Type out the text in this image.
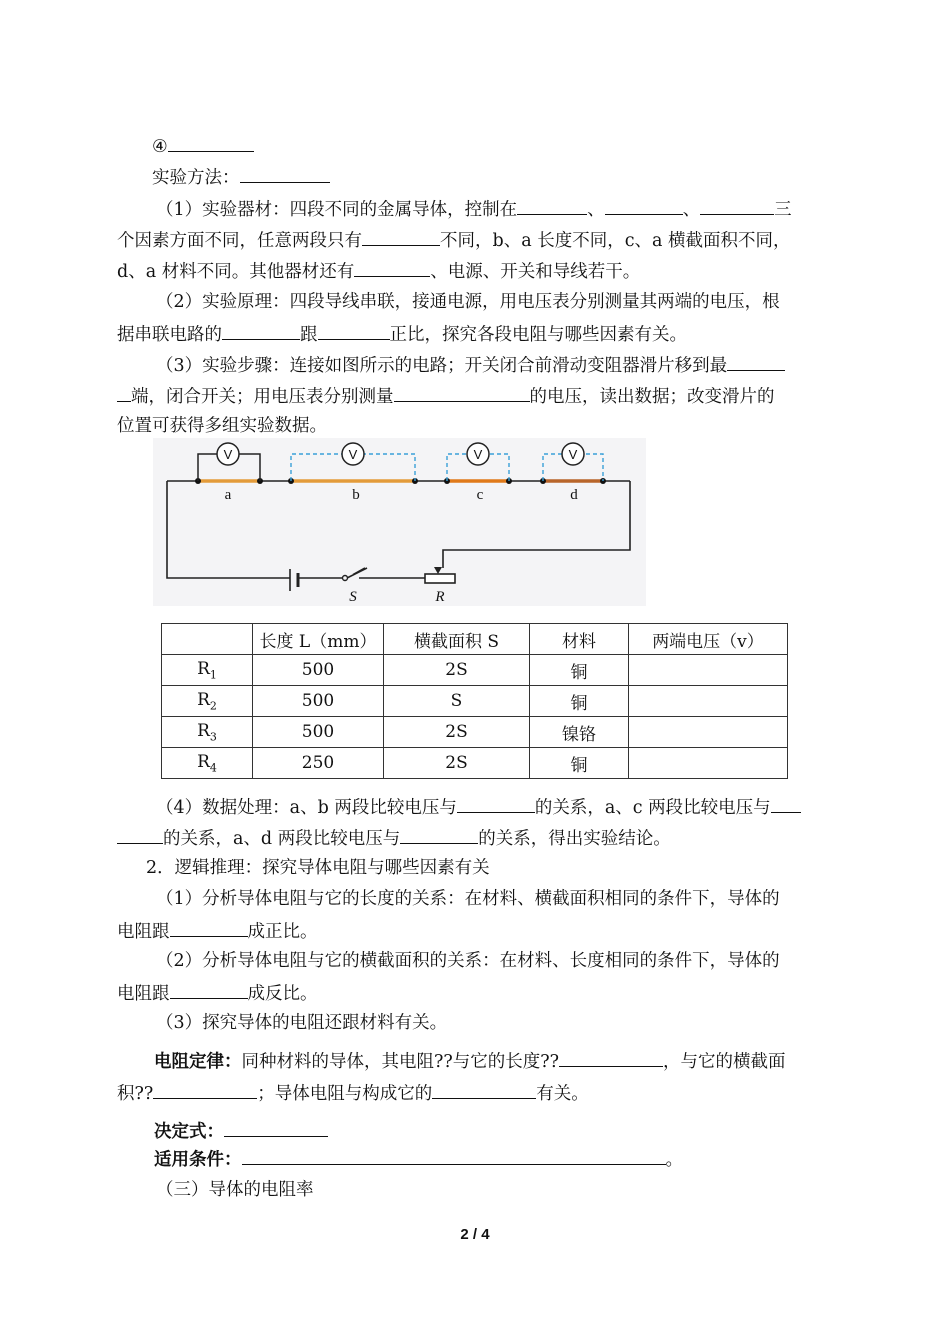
④
实验方法：
（1）实验器材：四段不同的金属导体，控制在	、	、	三
个因素方面不同，任意两段只有	不同，b、a 长度不同，c、a 横截面积不同，
d、a 材料不同。其他器材还有	、电源、开关和导线若干。
（2）实验原理：四段导线串联，接通电源，用电压表分别测量其两端的电压，根
据串联电路的	跟	正比，探究各段电阻与哪些因素有关。
（3）实验步骤：连接如图所示的电路；开关闭合前滑动变阻器滑片移到最
端，闭合开关；用电压表分别测量	的电压，读出数据；改变滑片的
位置可获得多组实验数据。
V	V	V	V
a	b	c	d
S	R
	长度 L（mm）	横截面积 S	材料	两端电压（v）
$R_1$	500	2S	铜	
$R_2$	500	S	铜	
$R_3$	500	2S	镍铬	
$R_4$	250	2S	铜	
（4）数据处理：a、b 两段比较电压与	的关系，a、c 两段比较电压与
的关系，a、d 两段比较电压与	的关系，得出实验结论。
2．逻辑推理：探究导体电阻与哪些因素有关
（1）分析导体电阻与它的长度的关系：在材料、横截面积相同的条件下，导体的
电阻跟	成正比。
（2）分析导体电阻与它的横截面积的关系：在材料、长度相同的条件下，导体的
电阻跟	成反比。
（3）探究导体的电阻还跟材料有关。
电阻定律：同种材料的导体，其电阻??与它的长度??	，与它的横截面
积??	；导体电阻与构成它的	有关。
决定式：
适用条件：	。
（三）导体的电阻率
2 / 4
